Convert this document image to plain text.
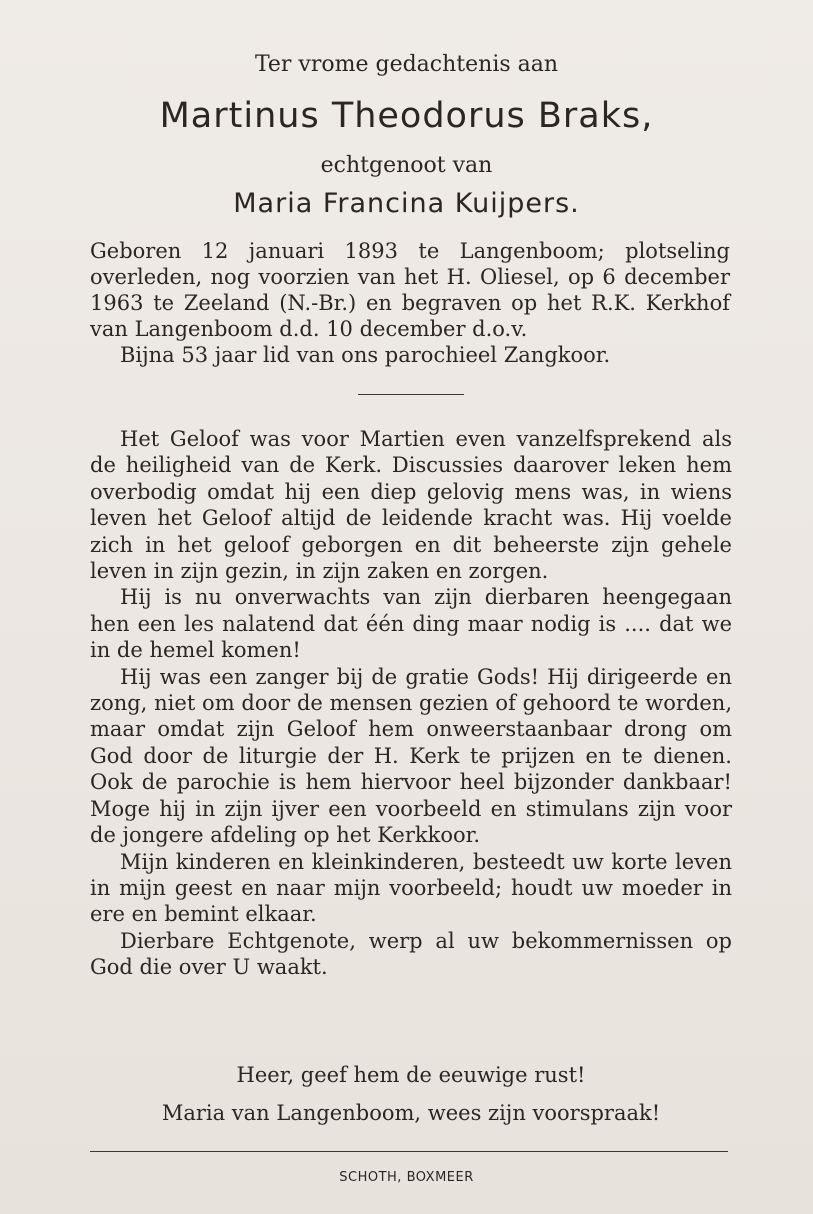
Ter vrome gedachtenis aan
Martinus Theodorus Braks,
echtgenoot van
Maria Francina Kuijpers.

Geboren 12 januari 1893 te Langenboom; plotseling overleden, nog voorzien van het H. Oliesel, op 6 december 1963 te Zeeland (N.-Br.) en begraven op het R.K. Kerkhof van Langenboom d.d. 10 december d.o.v.

Bijna 53 jaar lid van ons parochieel Zangkoor.

Het Geloof was voor Martien even vanzelfsprekend als de heiligheid van de Kerk. Discussies daarover leken hem overbodig omdat hij een diep gelovig mens was, in wiens leven het Geloof altijd de leidende kracht was. Hij voelde zich in het geloof geborgen en dit beheerste zijn gehele leven in zijn gezin, in zijn zaken en zorgen.

Hij is nu onverwachts van zijn dierbaren heengegaan hen een les nalatend dat één ding maar nodig is .... dat we in de hemel komen!

Hij was een zanger bij de gratie Gods! Hij dirigeerde en zong, niet om door de mensen gezien of gehoord te worden, maar omdat zijn Geloof hem onweerstaanbaar drong om God door de liturgie der H. Kerk te prijzen en te dienen. Ook de parochie is hem hiervoor heel bijzonder dankbaar! Moge hij in zijn ijver een voorbeeld en stimulans zijn voor de jongere afdeling op het Kerkkoor.

Mijn kinderen en kleinkinderen, besteedt uw korte leven in mijn geest en naar mijn voorbeeld; houdt uw moeder in ere en bemint elkaar.

Dierbare Echtgenote, werp al uw bekommernissen op God die over U waakt.

Heer, geef hem de eeuwige rust!

Maria van Langenboom, wees zijn voorspraak!

SCHOTH, BOXMEER
